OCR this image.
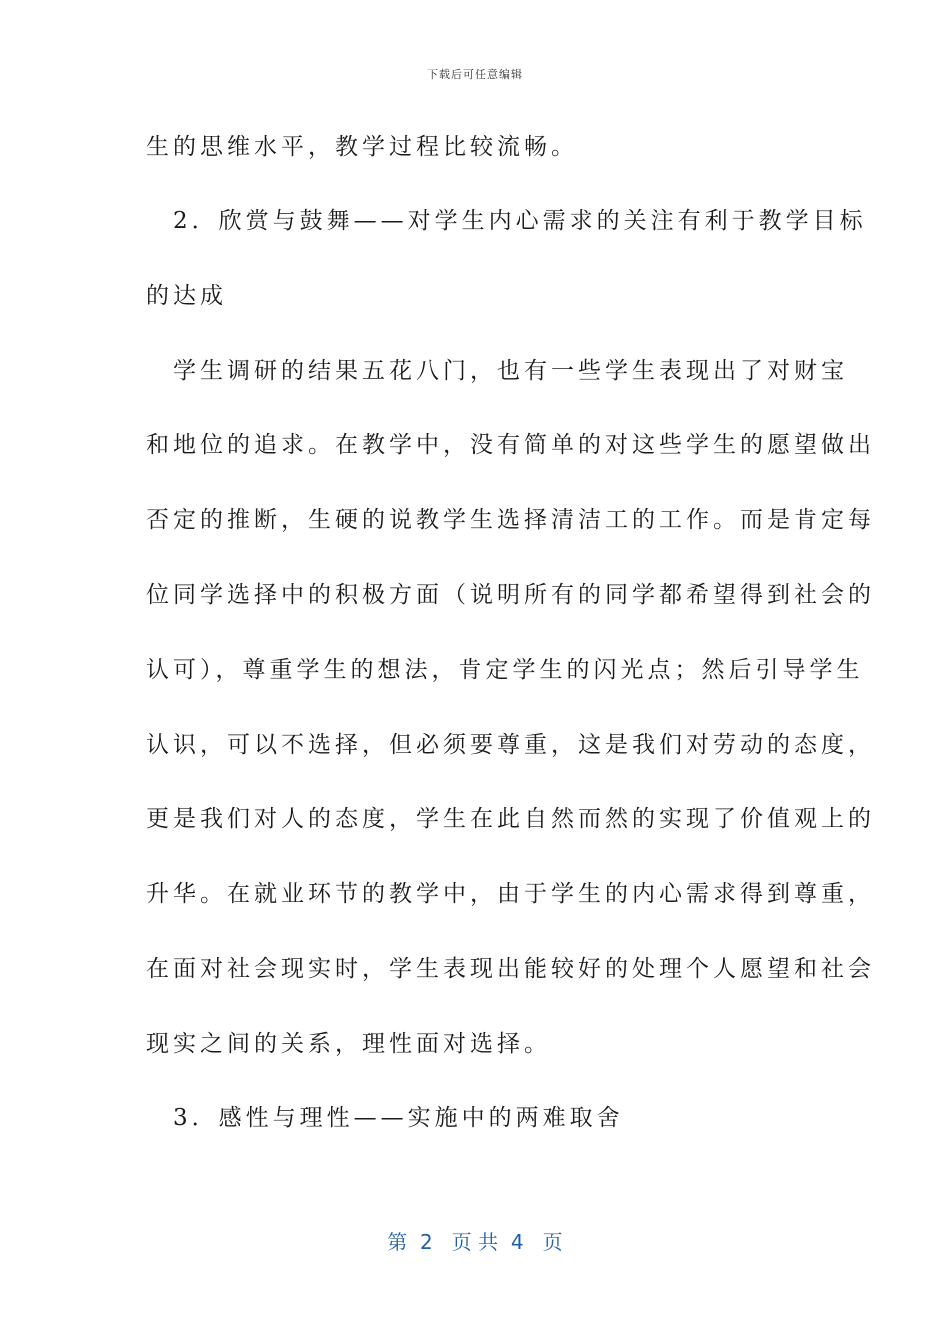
下载后可任意编辑
生的思维水平，教学过程比较流畅。
　2．欣赏与鼓舞——对学生内心需求的关注有利于教学目标
的达成
　学生调研的结果五花八门，也有一些学生表现出了对财宝
和地位的追求。在教学中，没有简单的对这些学生的愿望做出
否定的推断，生硬的说教学生选择清洁工的工作。而是肯定每
位同学选择中的积极方面（说明所有的同学都希望得到社会的
认可），尊重学生的想法，肯定学生的闪光点；然后引导学生
认识，可以不选择，但必须要尊重，这是我们对劳动的态度，
更是我们对人的态度，学生在此自然而然的实现了价值观上的
升华。在就业环节的教学中，由于学生的内心需求得到尊重，
在面对社会现实时，学生表现出能较好的处理个人愿望和社会
现实之间的关系，理性面对选择。
　3．感性与理性——实施中的两难取舍
第  2   页 共  4   页
